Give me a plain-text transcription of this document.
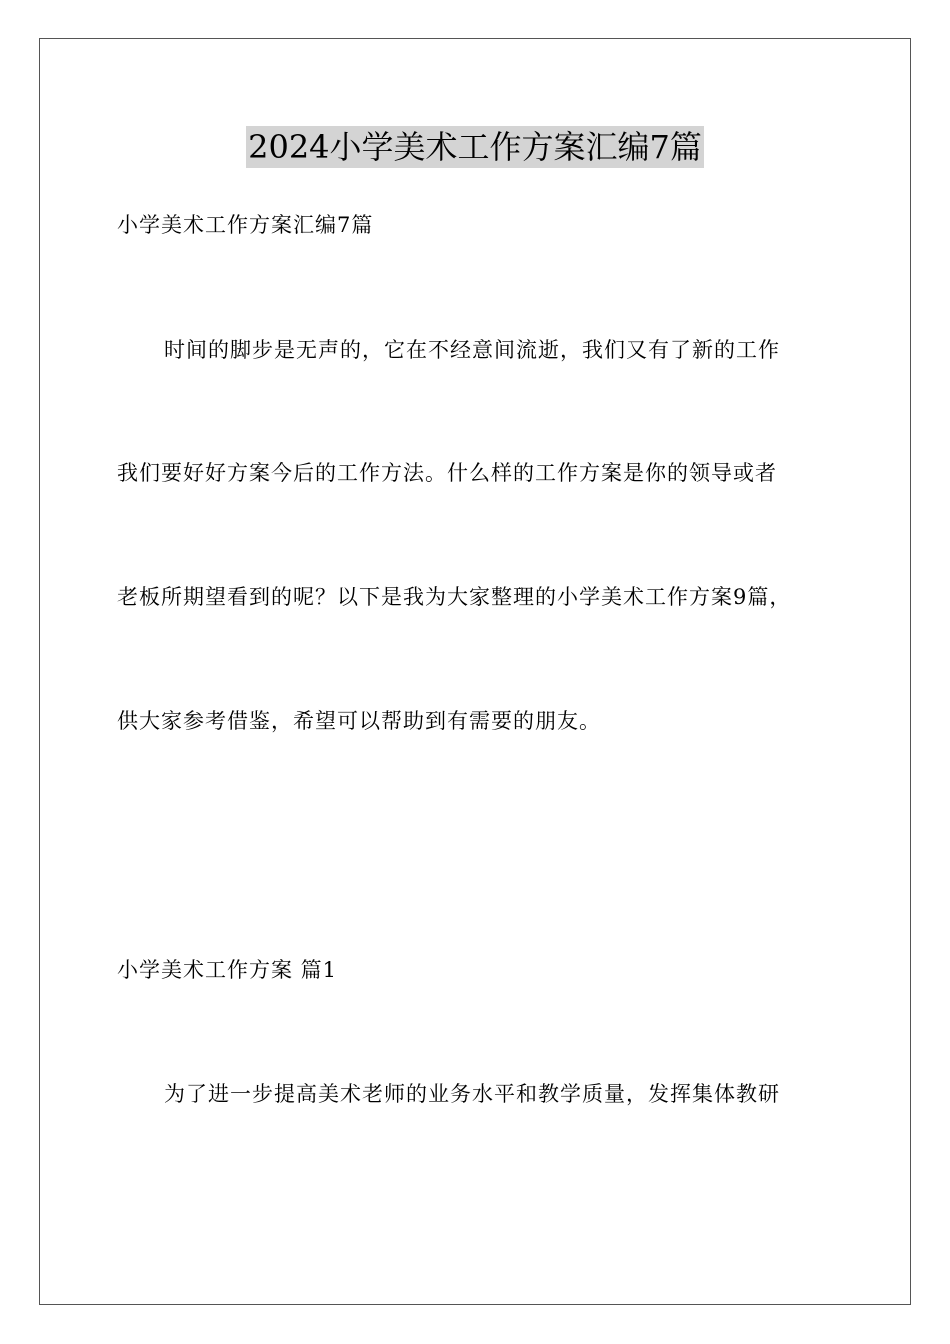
2024小学美术工作方案汇编7篇
小学美术工作方案汇编7篇
时间的脚步是无声的，它在不经意间流逝，我们又有了新的工作
我们要好好方案今后的工作方法。什么样的工作方案是你的领导或者
老板所期望看到的呢？以下是我为大家整理的小学美术工作方案9篇，
供大家参考借鉴，希望可以帮助到有需要的朋友。
小学美术工作方案 篇1
为了进一步提高美术老师的业务水平和教学质量，发挥集体教研
